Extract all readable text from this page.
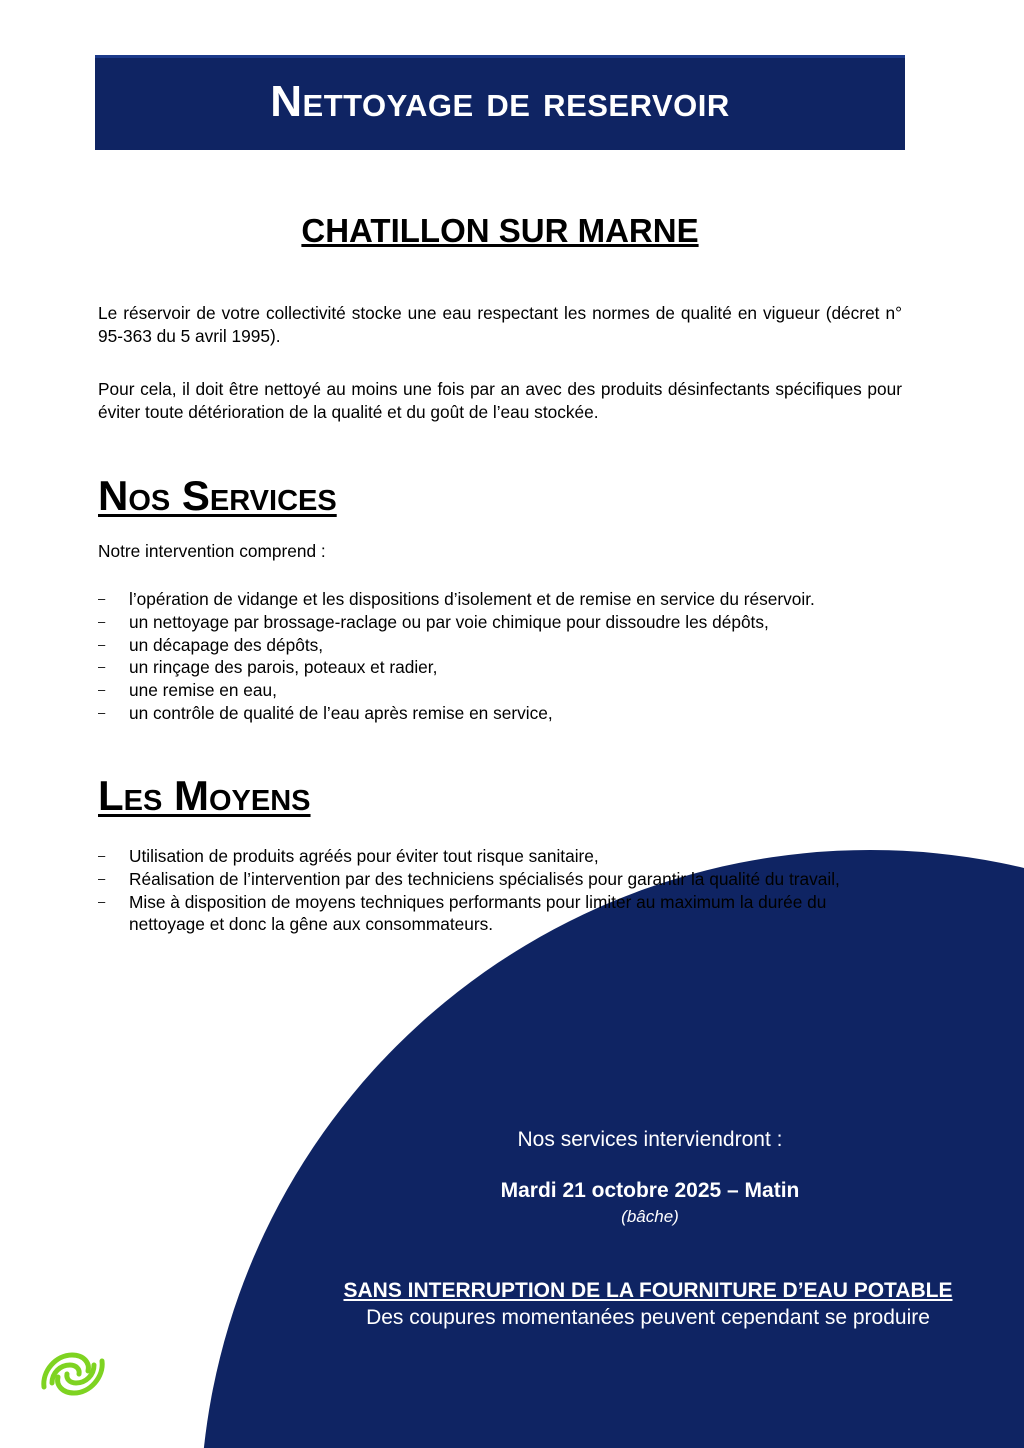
Nettoyage de reservoir
CHATILLON SUR MARNE

Le réservoir de votre collectivité stocke une eau respectant les normes de qualité en vigueur (décret n° 95-363 du 5 avril 1995).

Pour cela, il doit être nettoyé au moins une fois par an avec des produits désinfectants spécifiques pour éviter toute détérioration de la qualité et du goût de l’eau stockée.

Nos Services

Notre intervention comprend :

– l’opération de vidange et les dispositions d’isolement et de remise en service du réservoir.
– un nettoyage par brossage-raclage ou par voie chimique pour dissoudre les dépôts,
– un décapage des dépôts,
– un rinçage des parois, poteaux et radier,
– une remise en eau,
– un contrôle de qualité de l’eau après remise en service,
Les Moyens
– Utilisation de produits agréés pour éviter tout risque sanitaire,
– Réalisation de l’intervention par des techniciens spécialisés pour garantir la qualité du travail,
– Mise à disposition de moyens techniques performants pour limiter au maximum la durée du nettoyage et donc la gêne aux consommateurs.
Nos services interviendront :
Mardi 21 octobre 2025 – Matin
(bâche)
SANS INTERRUPTION DE LA FOURNITURE D’EAU POTABLE
Des coupures momentanées peuvent cependant se produire
suez
